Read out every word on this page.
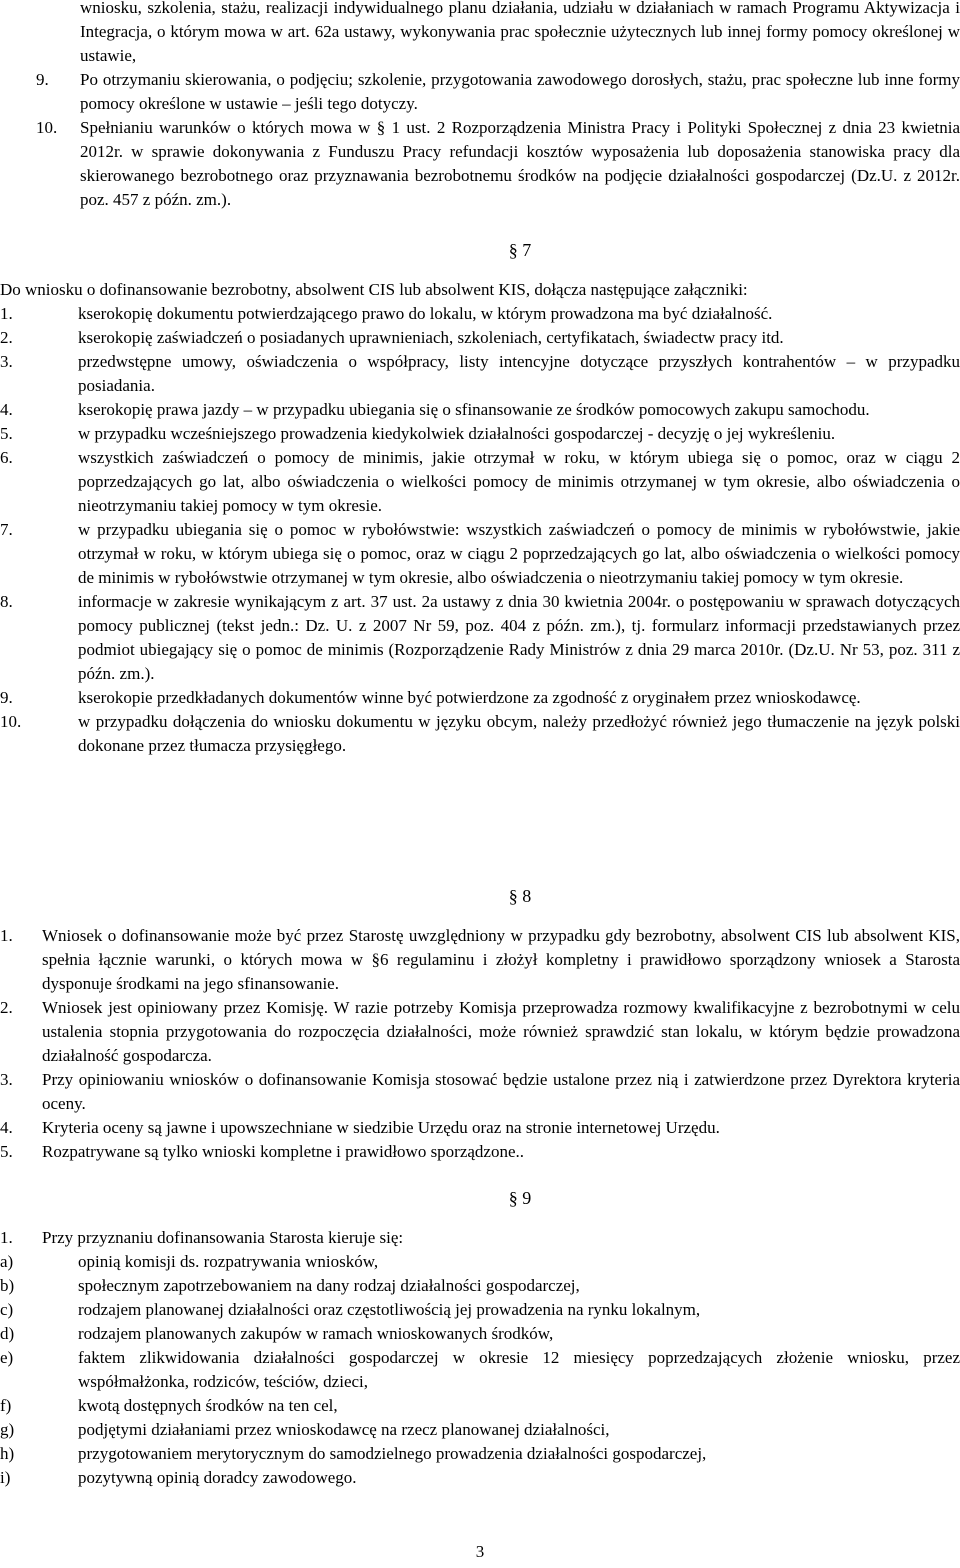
wniosku, szkolenia, stażu, realizacji indywidualnego planu działania, udziału w działaniach w ramach Programu Aktywizacja i Integracja, o którym mowa w art. 62a ustawy, wykonywania prac społecznie użytecznych lub innej formy pomocy określonej w ustawie,
9. Po otrzymaniu skierowania, o podjęciu; szkolenie, przygotowania zawodowego dorosłych, stażu, prac społeczne lub inne formy pomocy określone w ustawie – jeśli tego dotyczy.
10. Spełnianiu warunków o których mowa w § 1 ust. 2 Rozporządzenia Ministra Pracy i Polityki Społecznej z dnia 23 kwietnia 2012r. w sprawie dokonywania z Funduszu Pracy refundacji kosztów wyposażenia lub doposażenia stanowiska pracy dla skierowanego bezrobotnego oraz przyznawania bezrobotnemu środków na podjęcie działalności gospodarczej (Dz.U. z 2012r. poz. 457 z późn. zm.).
§ 7
Do wniosku o dofinansowanie bezrobotny, absolwent CIS lub absolwent KIS, dołącza następujące załączniki:
1.	kserokopię dokumentu potwierdzającego prawo do lokalu, w którym prowadzona ma być działalność.
2.	kserokopię zaświadczeń o posiadanych uprawnieniach, szkoleniach, certyfikatach, świadectw pracy itd.
3.	przedwstępne umowy, oświadczenia o współpracy, listy intencyjne dotyczące przyszłych kontrahentów – w przypadku posiadania.
4.	kserokopię prawa jazdy – w przypadku ubiegania się o sfinansowanie ze środków pomocowych zakupu samochodu.
5.	w przypadku wcześniejszego prowadzenia kiedykolwiek działalności gospodarczej - decyzję o jej wykreśleniu.
6.	wszystkich zaświadczeń o pomocy de minimis, jakie otrzymał w roku, w którym ubiega się o pomoc, oraz w ciągu 2 poprzedzających go lat, albo oświadczenia o wielkości pomocy de minimis otrzymanej w tym okresie, albo oświadczenia o nieotrzymaniu takiej pomocy w tym okresie.
7.	w przypadku ubiegania się o pomoc w rybołówstwie: wszystkich zaświadczeń o pomocy de minimis w rybołówstwie, jakie otrzymał w roku, w którym ubiega się o pomoc, oraz w ciągu 2 poprzedzających go lat, albo oświadczenia o wielkości pomocy de minimis w rybołówstwie otrzymanej w tym okresie, albo oświadczenia o nieotrzymaniu takiej pomocy w tym okresie.
8.	informacje w zakresie wynikającym z art. 37 ust. 2a ustawy z dnia 30 kwietnia 2004r. o postępowaniu w sprawach dotyczących pomocy publicznej (tekst jedn.: Dz. U. z 2007 Nr 59, poz. 404 z późn. zm.), tj. formularz informacji przedstawianych przez podmiot ubiegający się o pomoc de minimis (Rozporządzenie Rady Ministrów z dnia 29 marca 2010r. (Dz.U. Nr 53, poz. 311 z późn. zm.).
9.	kserokopie przedkładanych dokumentów winne być potwierdzone za zgodność z oryginałem przez wnioskodawcę.
10.	w przypadku dołączenia do wniosku dokumentu w języku obcym, należy przedłożyć również jego tłumaczenie na język polski dokonane przez tłumacza przysięgłego.
§ 8
1. Wniosek o dofinansowanie może być przez Starostę uwzględniony w przypadku gdy bezrobotny, absolwent CIS lub absolwent KIS, spełnia łącznie warunki, o których mowa w §6 regulaminu i złożył kompletny i prawidłowo sporządzony wniosek a Starosta dysponuje środkami na jego sfinansowanie.
2. Wniosek jest opiniowany przez Komisję. W razie potrzeby Komisja przeprowadza rozmowy kwalifikacyjne z bezrobotnymi w celu ustalenia stopnia przygotowania do rozpoczęcia działalności, może również sprawdzić stan lokalu, w którym będzie prowadzona działalność gospodarcza.
3. Przy opiniowaniu wniosków o dofinansowanie Komisja stosować będzie ustalone przez nią i zatwierdzone przez Dyrektora kryteria oceny.
4. Kryteria oceny są jawne i upowszechniane w siedzibie Urzędu oraz na stronie internetowej Urzędu.
5. Rozpatrywane są tylko wnioski kompletne i prawidłowo sporządzone..
§ 9
1. Przy przyznaniu dofinansowania Starosta kieruje się:
a)	opinią komisji ds. rozpatrywania wniosków,
b)	społecznym zapotrzebowaniem na dany rodzaj działalności gospodarczej,
c)	rodzajem planowanej działalności oraz częstotliwością jej prowadzenia na rynku lokalnym,
d)	rodzajem planowanych zakupów w ramach wnioskowanych środków,
e)	faktem zlikwidowania działalności gospodarczej w okresie 12 miesięcy poprzedzających złożenie wniosku, przez współmałżonka, rodziców, teściów, dzieci,
f)	kwotą dostępnych środków na ten cel,
g)	podjętymi działaniami przez wnioskodawcę na rzecz planowanej działalności,
h)	przygotowaniem merytorycznym do samodzielnego prowadzenia działalności gospodarczej,
i)	pozytywną opinią doradcy zawodowego.
3
